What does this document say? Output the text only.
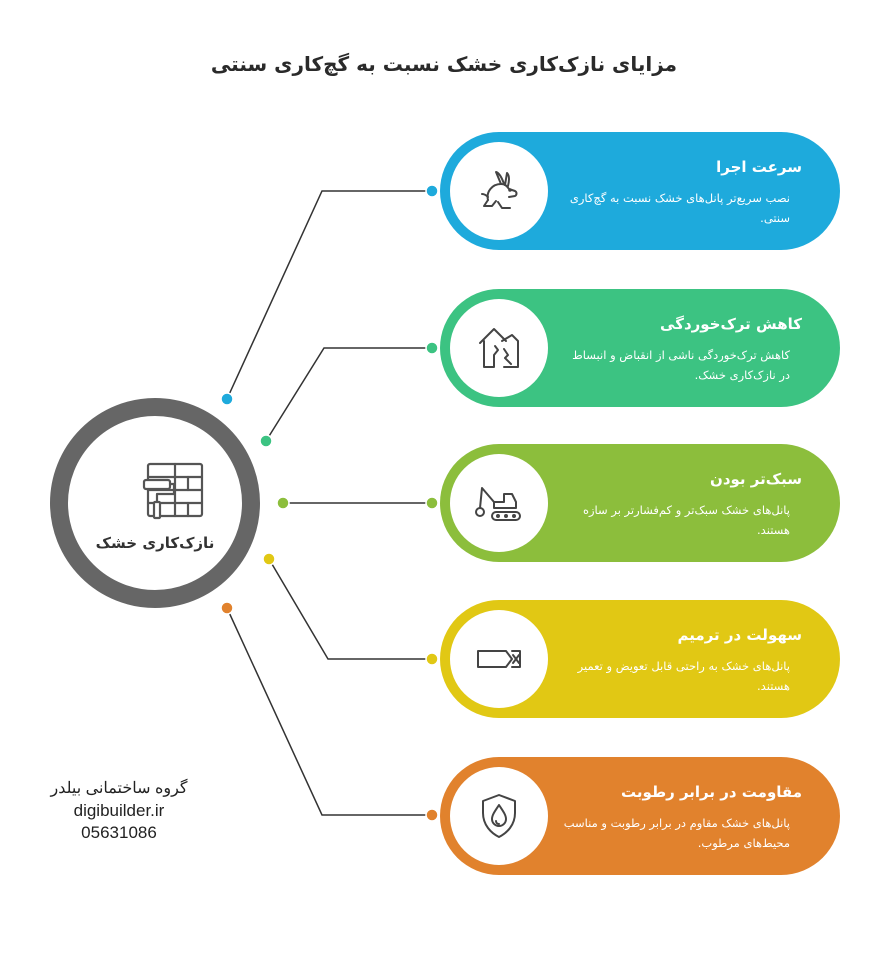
مزایای نازک‌کاری خشک نسبت به گچ‌کاری سنتی
نازک‌کاری خشک
سرعت اجرا
نصب سریع‌تر پانل‌های خشک نسبت به گچ‌کاری سنتی.
کاهش ترک‌خوردگی
کاهش ترک‌خوردگی ناشی از انقباض و انبساط در نازک‌کاری خشک.
سبک‌تر بودن
پانل‌های خشک سبک‌تر و کم‌فشارتر بر سازه هستند.
سهولت در ترمیم
پانل‌های خشک به راحتی قابل تعویض و تعمیر هستند.
مقاومت در برابر رطوبت
پانل‌های خشک مقاوم در برابر رطوبت و مناسب محیط‌های مرطوب.
گروه ساختمانی بیلدر
digibuilder.ir
05631086
